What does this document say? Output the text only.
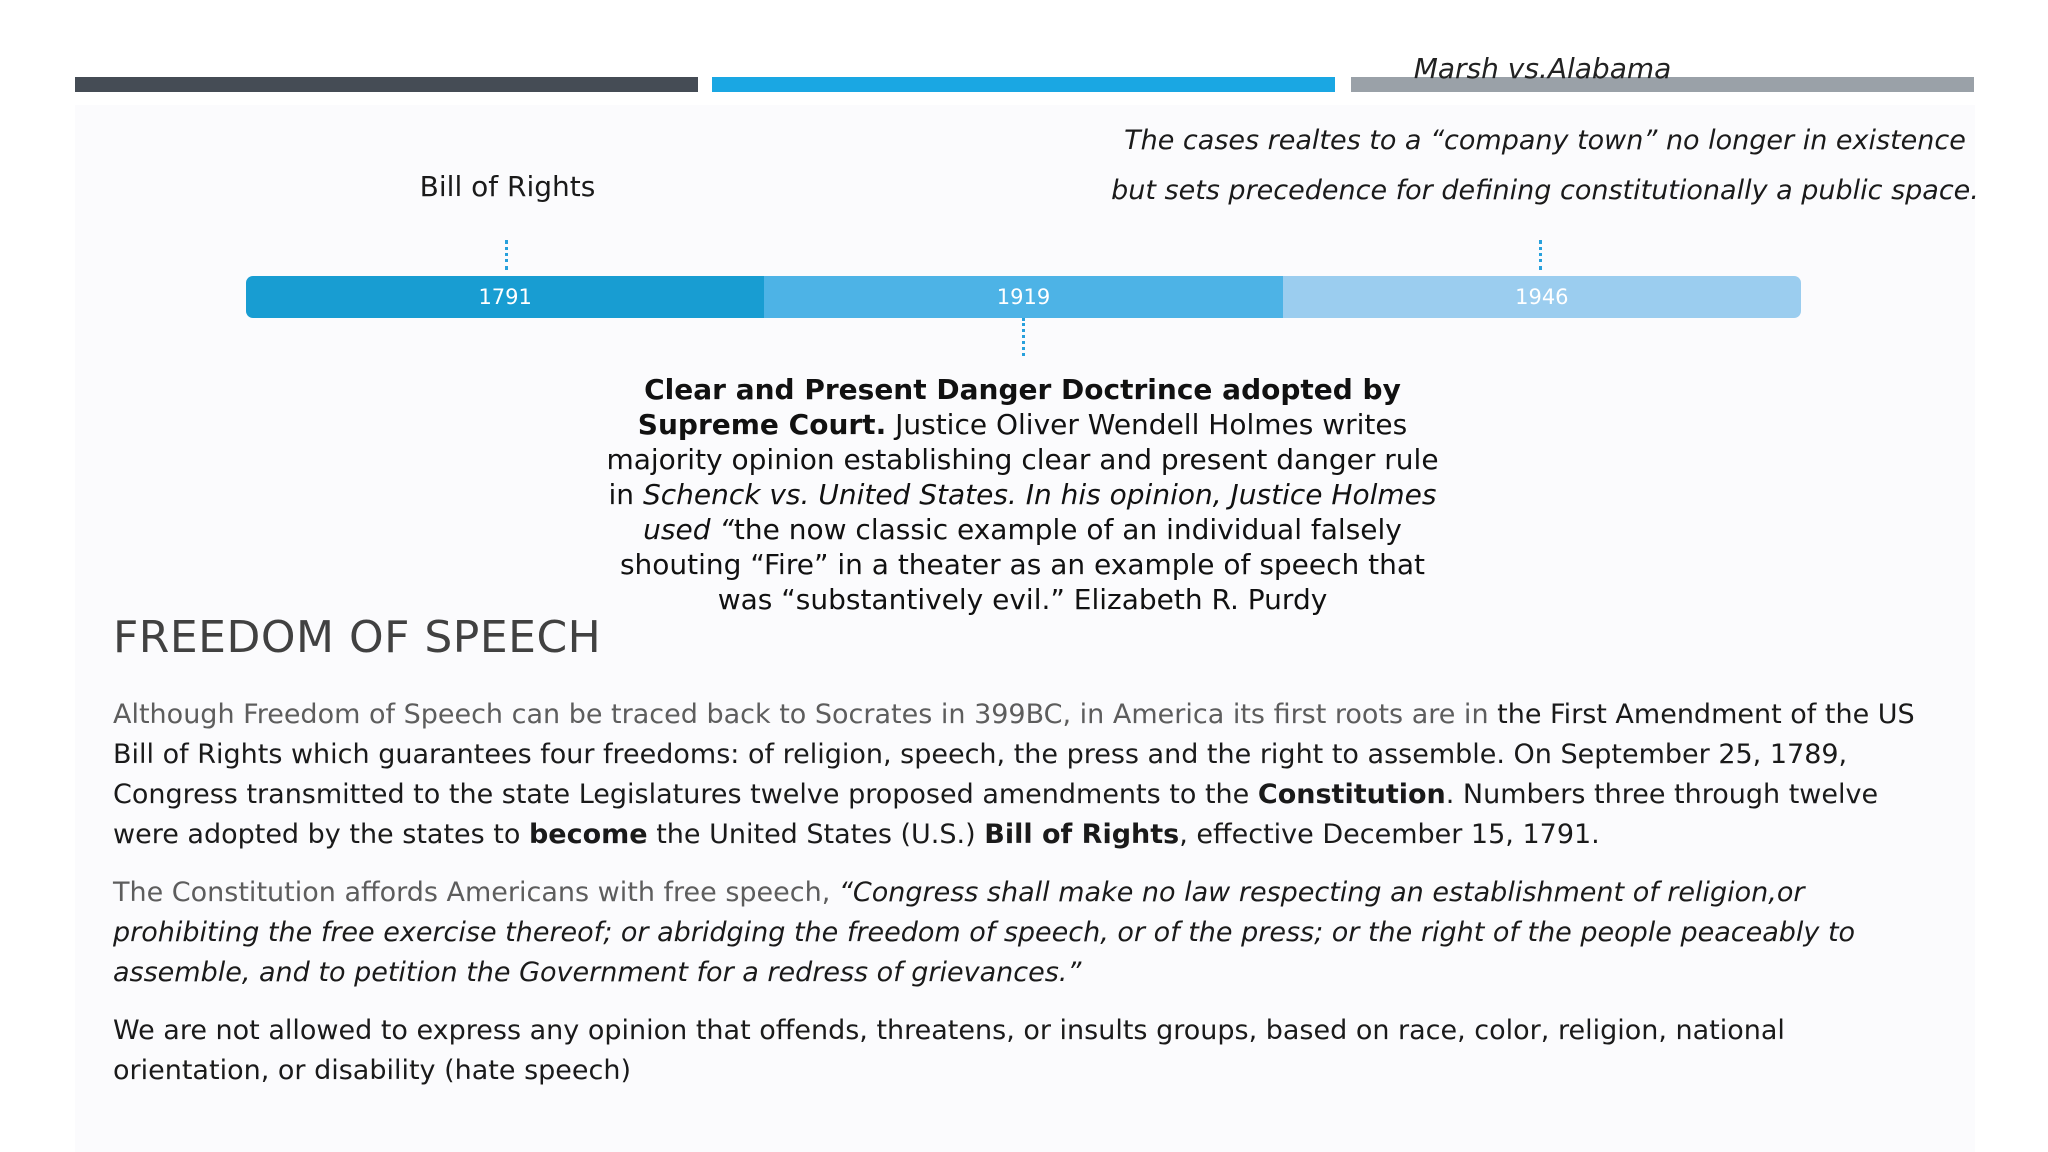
Marsh vs.Alabama
The cases realtes to a “company town” no longer in existence but sets precedence for defining constitutionally a public space.
Bill of Rights
1791	1919	1946
Clear and Present Danger Doctrince adopted by Supreme Court. Justice Oliver Wendell Holmes writes majority opinion establishing clear and present danger rule in Schenck vs. United States. In his opinion, Justice Holmes used “the now classic example of an individual falsely shouting “Fire” in a theater as an example of speech that was “substantively evil.” Elizabeth R. Purdy
FREEDOM OF SPEECH
Although Freedom of Speech can be traced back to Socrates in 399BC, in America its first roots are in the First Amendment of the US Bill of Rights which guarantees four freedoms: of religion, speech, the press and the right to assemble. On September 25, 1789, Congress transmitted to the state Legislatures twelve proposed amendments to the Constitution. Numbers three through twelve were adopted by the states to become the United States (U.S.) Bill of Rights, effective December 15, 1791.
The Constitution affords Americans with free speech, “Congress shall make no law respecting an establishment of religion,or prohibiting the free exercise thereof; or abridging the freedom of speech, or of the press; or the right of the people peaceably to assemble, and to petition the Government for a redress of grievances.”
We are not allowed to express any opinion that offends, threatens, or insults groups, based on race, color, religion, national orientation, or disability (hate speech)
